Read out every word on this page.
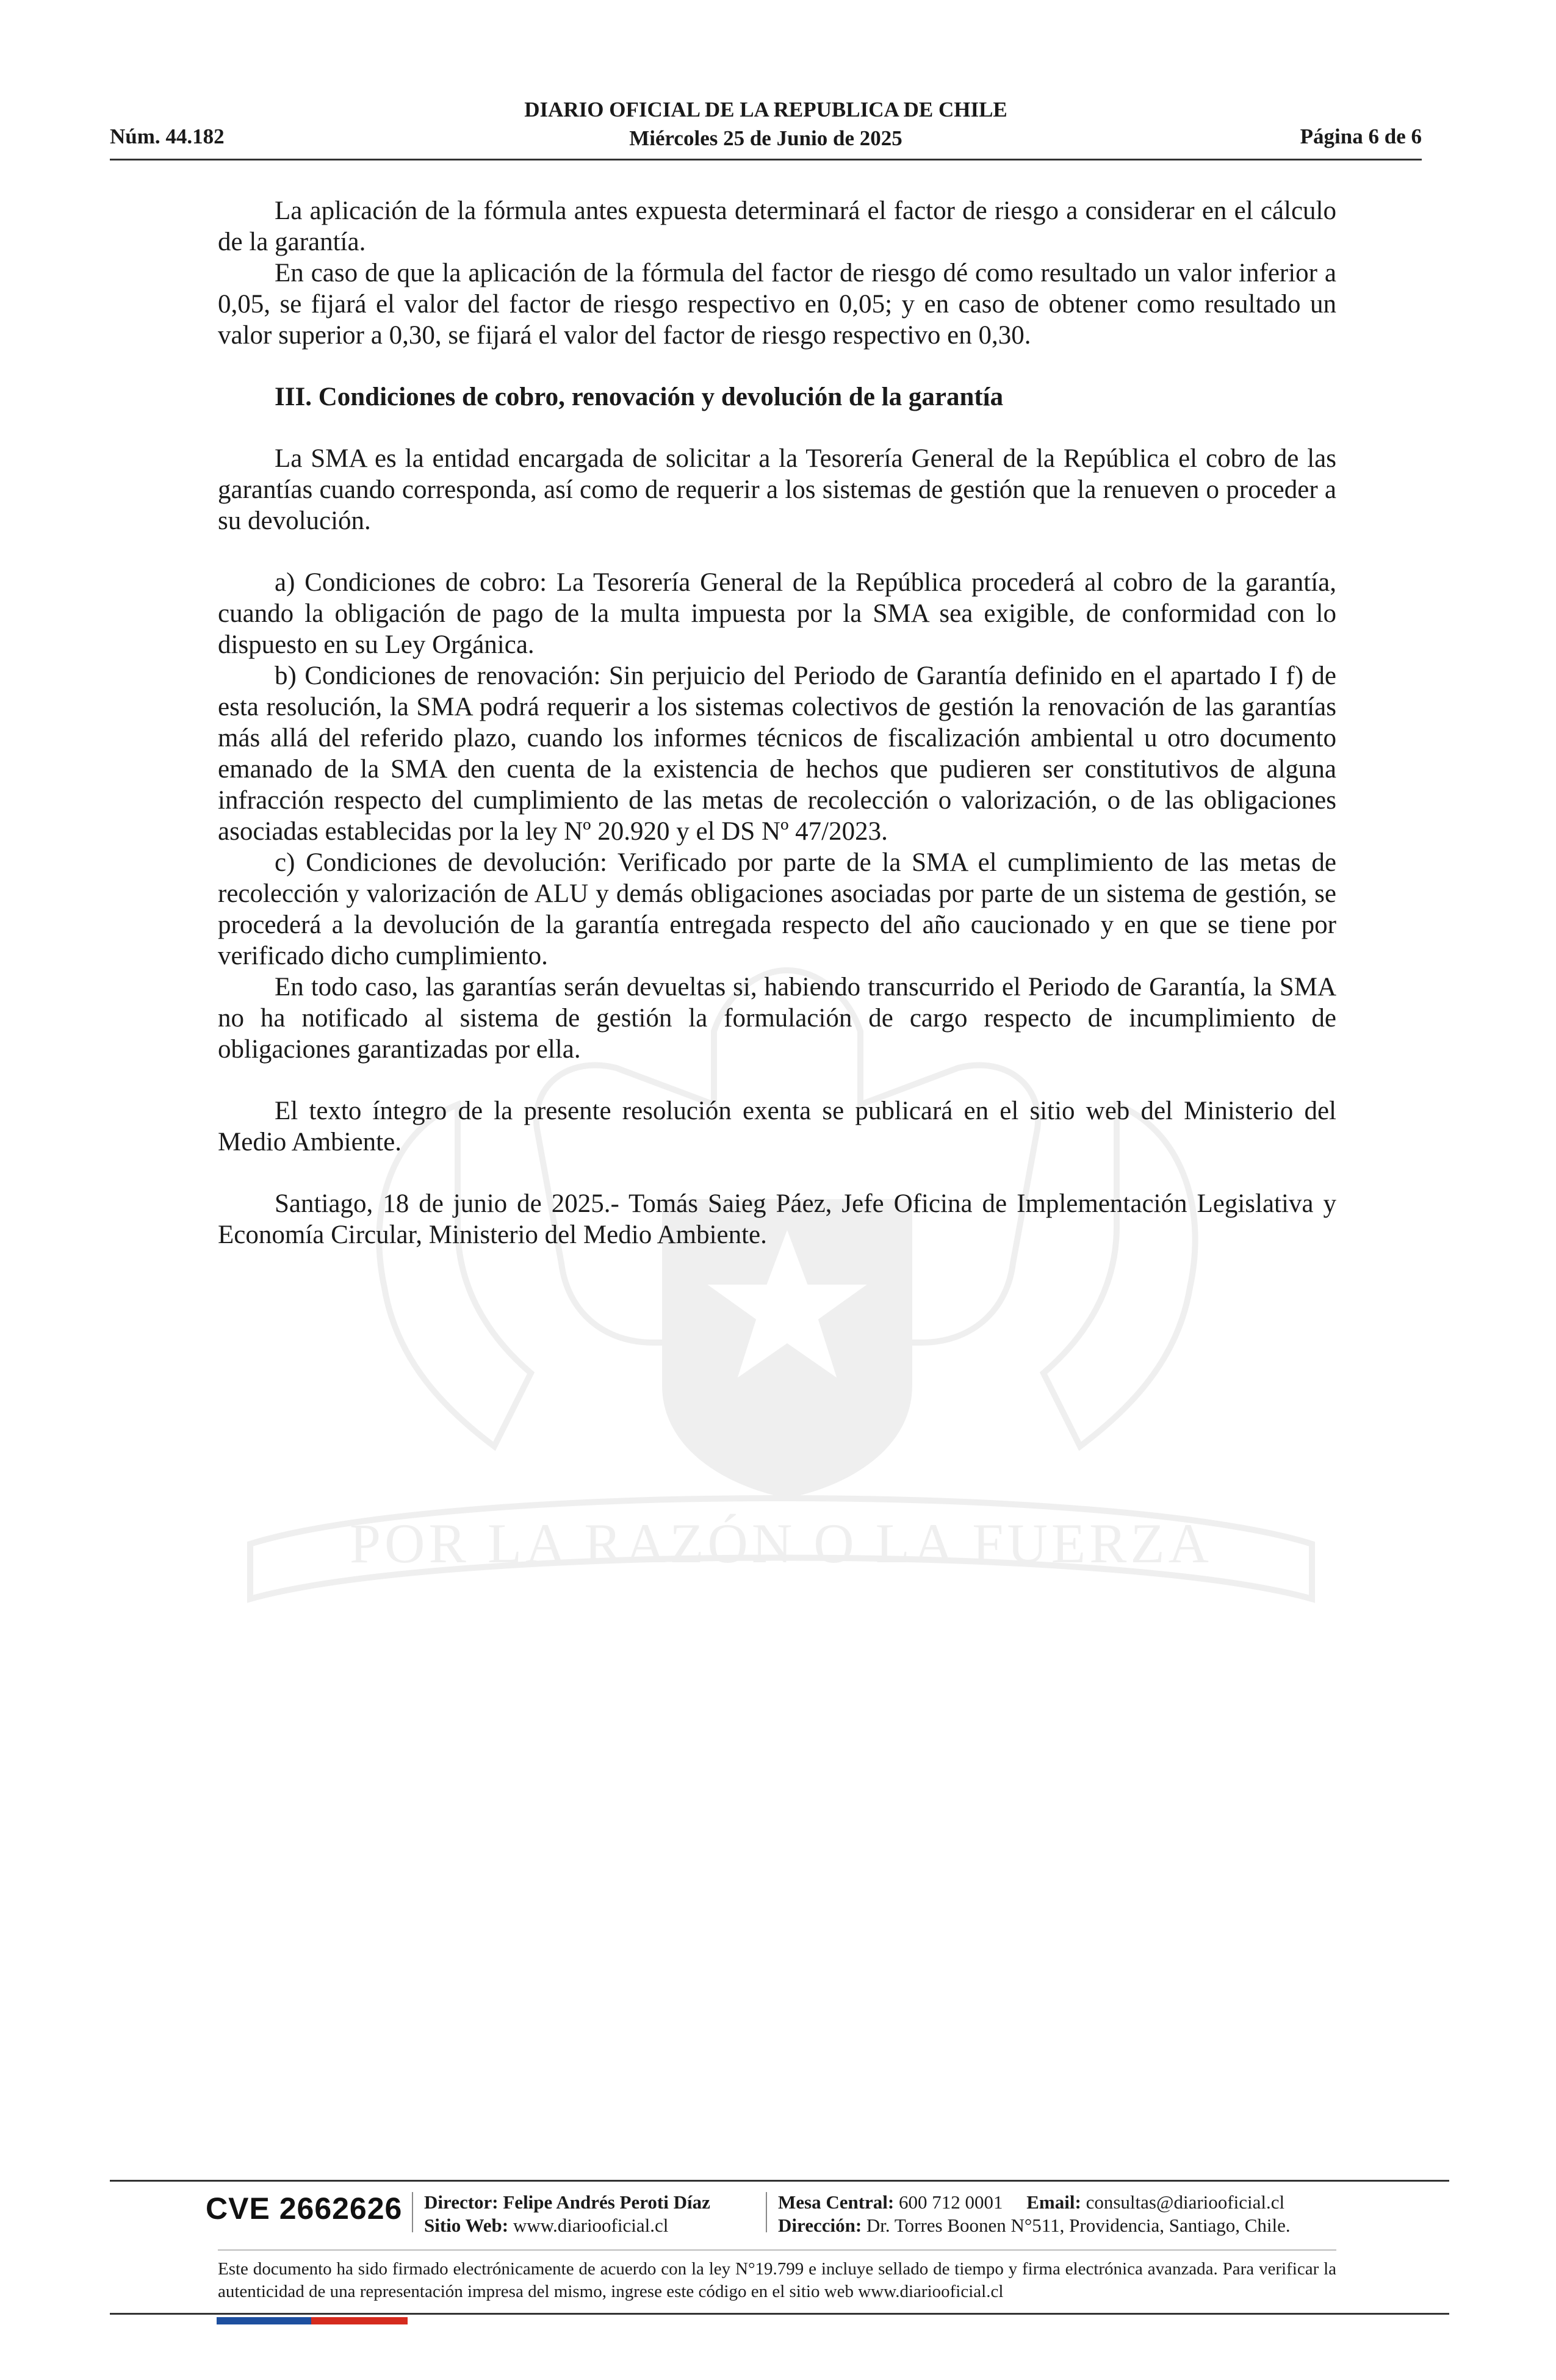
POR LA RAZÓN O LA FUERZA
Núm. 44.182
DIARIO OFICIAL DE LA REPUBLICA DE CHILE
Miércoles 25 de Junio de 2025	Página 6 de 6

La aplicación de la fórmula antes expuesta determinará el factor de riesgo a considerar en el cálculo de la garantía.

En caso de que la aplicación de la fórmula del factor de riesgo dé como resultado un valor inferior a 0,05, se fijará el valor del factor de riesgo respectivo en 0,05; y en caso de obtener como resultado un valor superior a 0,30, se fijará el valor del factor de riesgo respectivo en 0,30.

III. Condiciones de cobro, renovación y devolución de la garantía

La SMA es la entidad encargada de solicitar a la Tesorería General de la República el cobro de las garantías cuando corresponda, así como de requerir a los sistemas de gestión que la renueven o proceder a su devolución.

a) Condiciones de cobro: La Tesorería General de la República procederá al cobro de la garantía, cuando la obligación de pago de la multa impuesta por la SMA sea exigible, de conformidad con lo dispuesto en su Ley Orgánica.

b) Condiciones de renovación: Sin perjuicio del Periodo de Garantía definido en el apartado I f) de esta resolución, la SMA podrá requerir a los sistemas colectivos de gestión la renovación de las garantías más allá del referido plazo, cuando los informes técnicos de fiscalización ambiental u otro documento emanado de la SMA den cuenta de la existencia de hechos que pudieren ser constitutivos de alguna infracción respecto del cumplimiento de las metas de recolección o valorización, o de las obligaciones asociadas establecidas por la ley Nº 20.920 y el DS Nº 47/2023.

c) Condiciones de devolución: Verificado por parte de la SMA el cumplimiento de las metas de recolección y valorización de ALU y demás obligaciones asociadas por parte de un sistema de gestión, se procederá a la devolución de la garantía entregada respecto del año caucionado y en que se tiene por verificado dicho cumplimiento.

En todo caso, las garantías serán devueltas si, habiendo transcurrido el Periodo de Garantía, la SMA no ha notificado al sistema de gestión la formulación de cargo respecto de incumplimiento de obligaciones garantizadas por ella.

El texto íntegro de la presente resolución exenta se publicará en el sitio web del Ministerio del Medio Ambiente.

Santiago, 18 de junio de 2025.- Tomás Saieg Páez, Jefe Oficina de Implementación Legislativa y Economía Circular, Ministerio del Medio Ambiente.

CVE 2662626 Director: Felipe Andrés Peroti Díaz
Sitio Web: www.diariooficial.cl
Mesa Central: 600 712 0001 Email: consultas@diariooficial.cl
Dirección: Dr. Torres Boonen N°511, Providencia, Santiago, Chile.
Este documento ha sido firmado electrónicamente de acuerdo con la ley N°19.799 e incluye sellado de tiempo y firma electrónica avanzada. Para verificar la autenticidad de una representación impresa del mismo, ingrese este código en el sitio web www.diariooficial.cl
